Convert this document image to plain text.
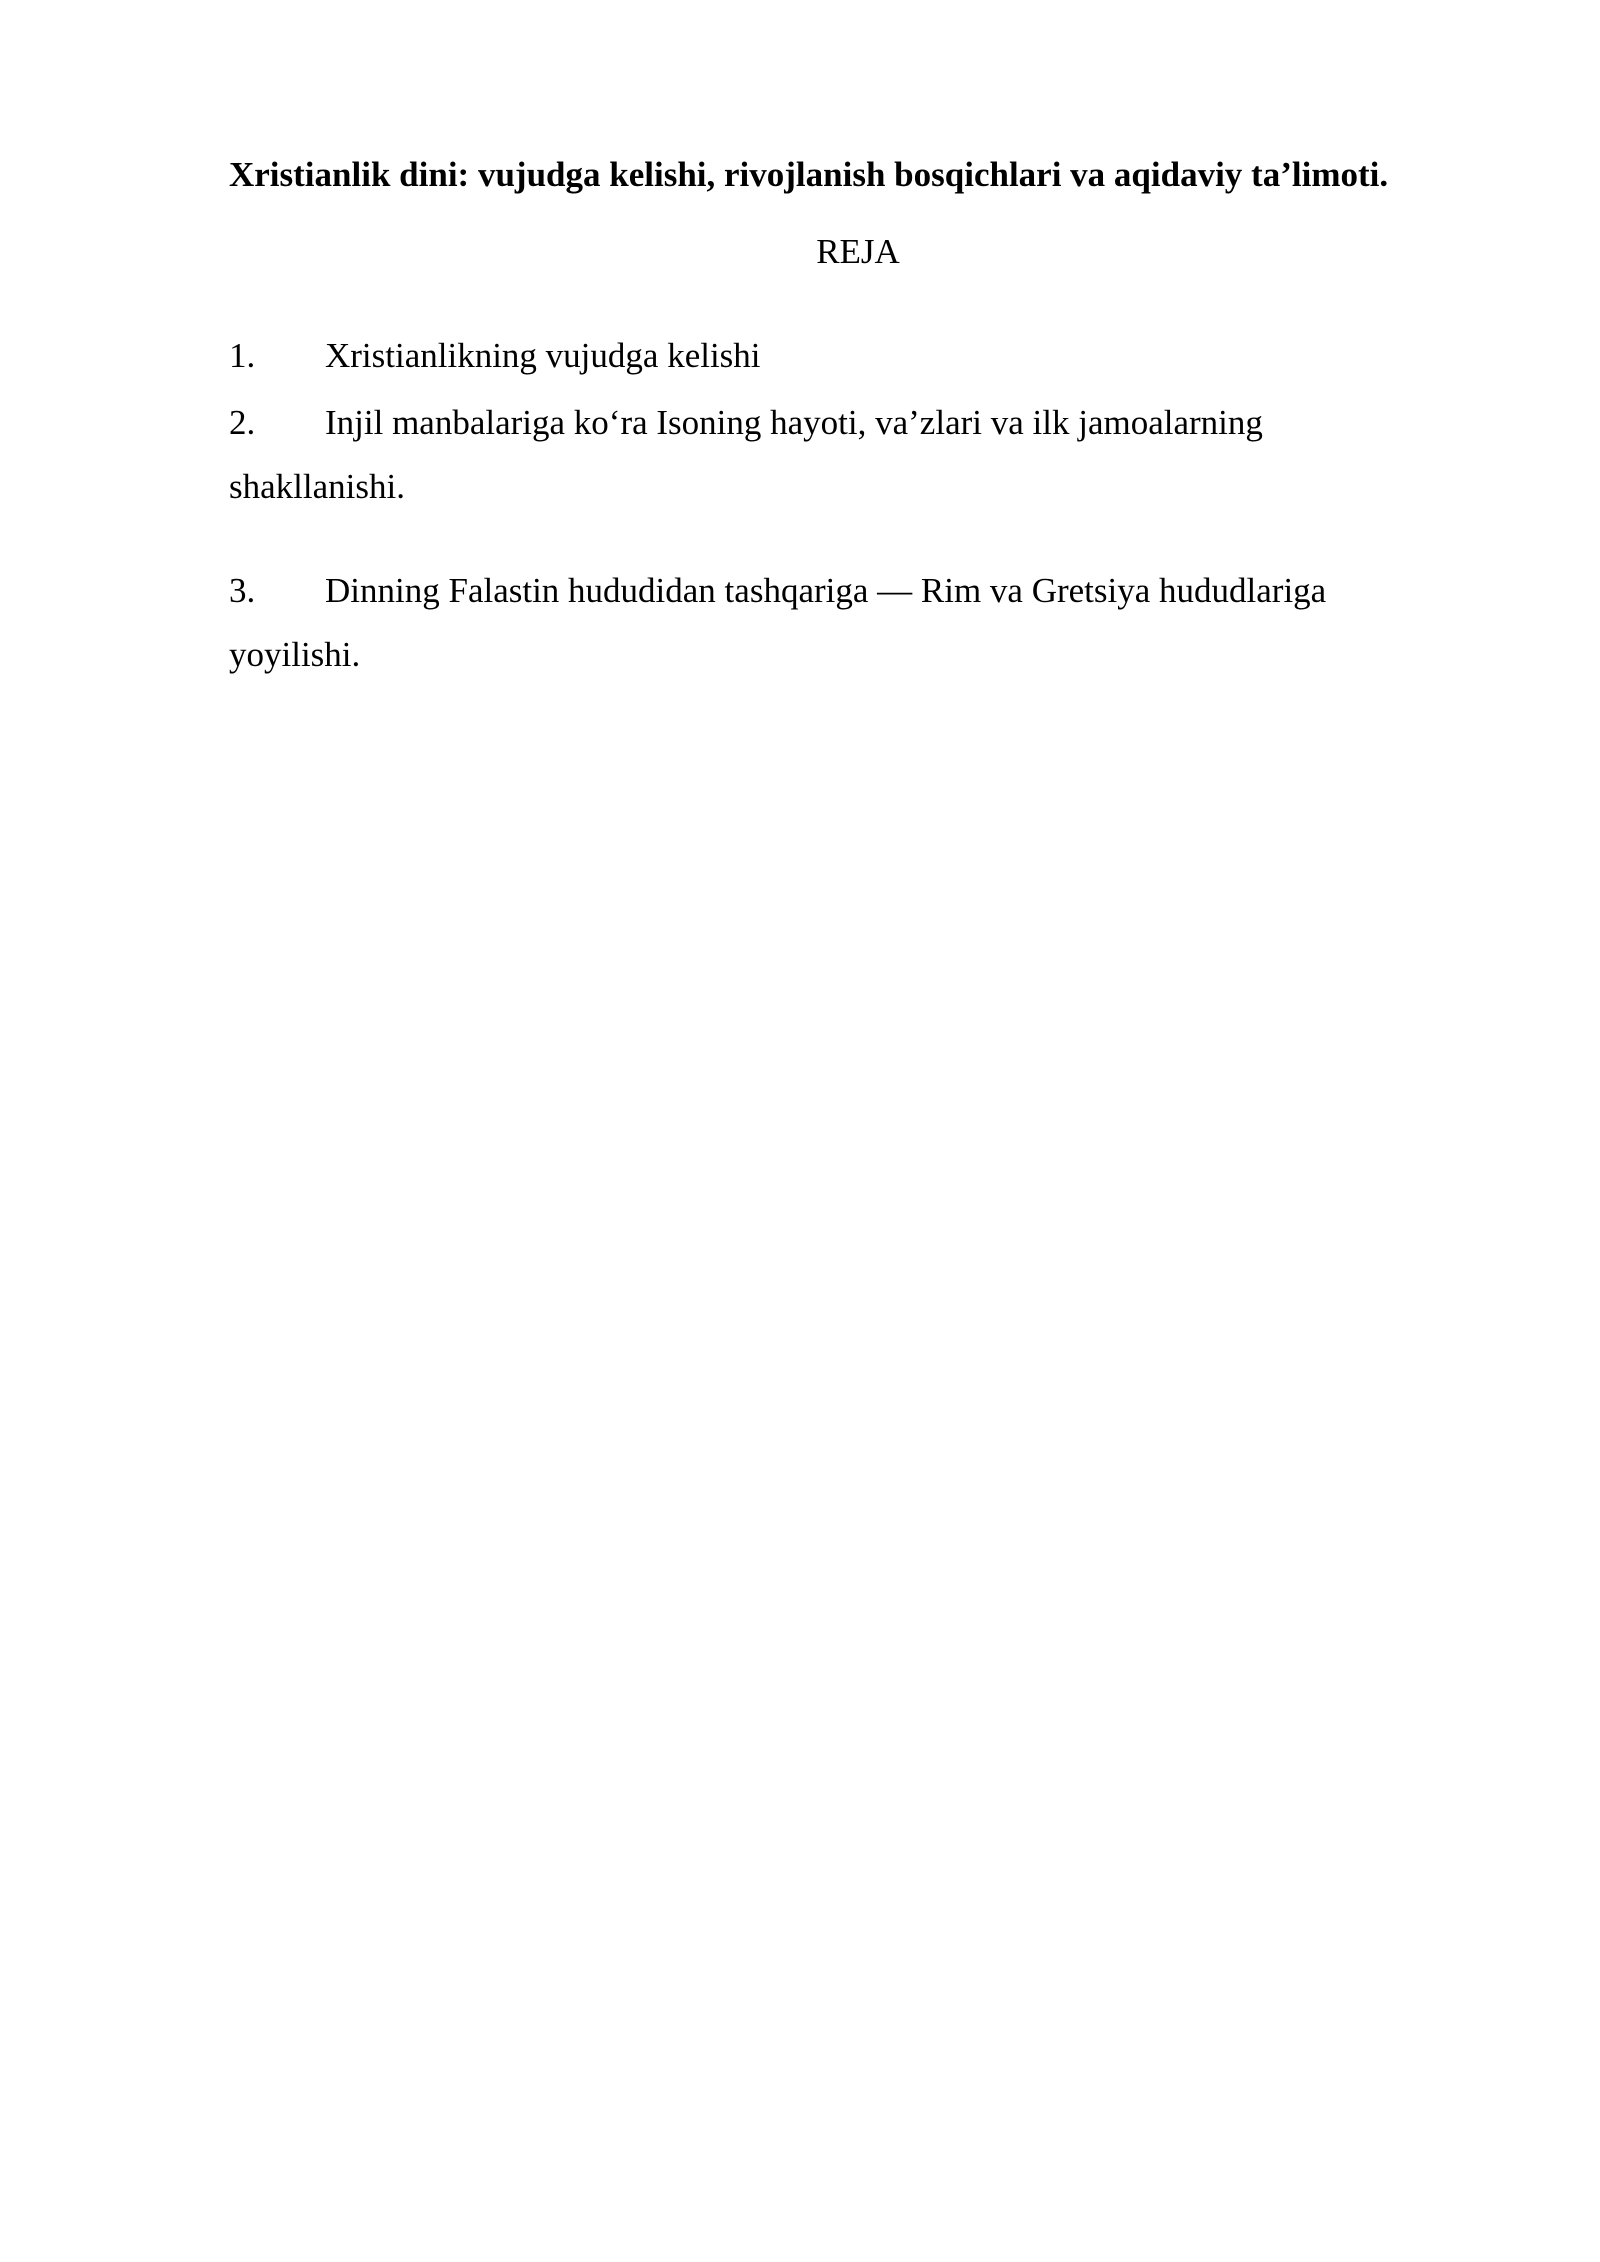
Xristianlik dini: vujudga kelishi, rivojlanish bosqichlari va aqidaviy ta’limoti.
REJA
1. Xristianlikning vujudga kelishi
2. Injil manbalariga ko‘ra Isoning hayoti, va’zlari va ilk jamoalarning
shakllanishi.
3. Dinning Falastin hududidan tashqariga — Rim va Gretsiya hududlariga
yoyilishi.
